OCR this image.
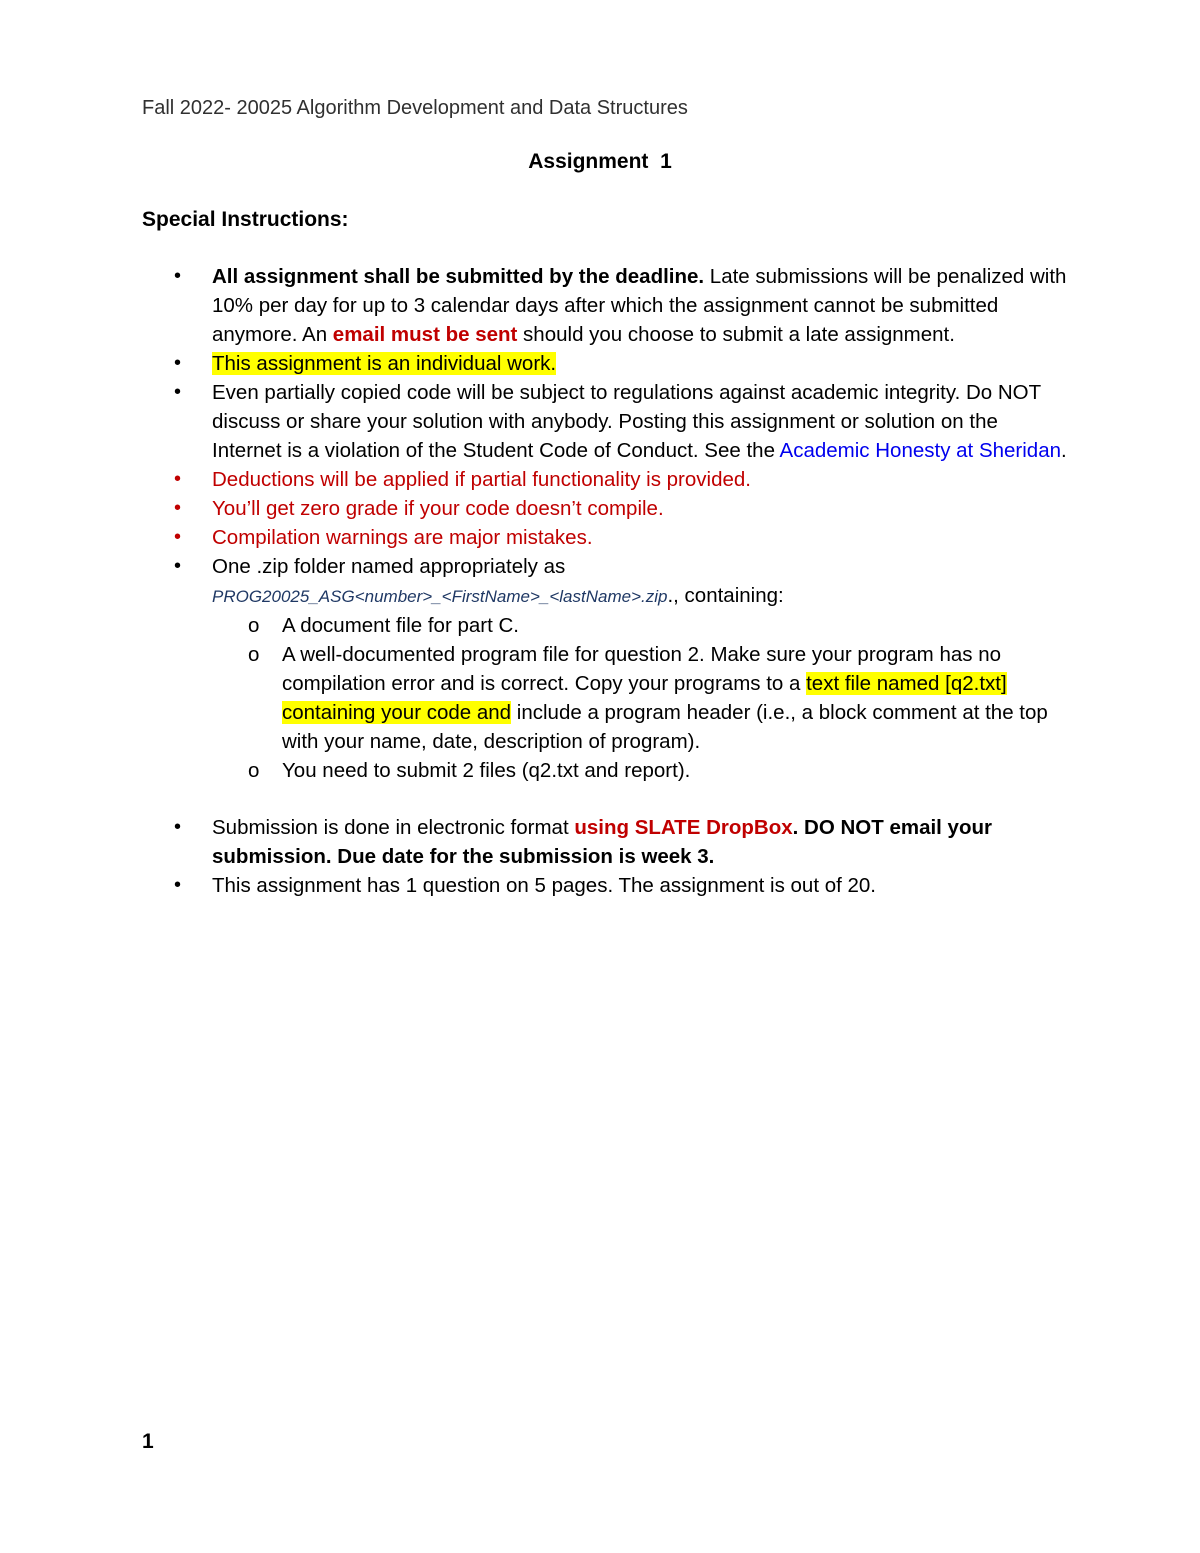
Fall 2022- 20025 Algorithm Development and Data Structures
Assignment  1
Special Instructions:
• All assignment shall be submitted by the deadline. Late submissions will be penalized with 10% per day for up to 3 calendar days after which the assignment cannot be submitted anymore. An email must be sent should you choose to submit a late assignment.
• This assignment is an individual work.
• Even partially copied code will be subject to regulations against academic integrity. Do NOT discuss or share your solution with anybody. Posting this assignment or solution on the Internet is a violation of the Student Code of Conduct. See the Academic Honesty at Sheridan.
• Deductions will be applied if partial functionality is provided.
• You’ll get zero grade if your code doesn’t compile.
• Compilation warnings are major mistakes.
• One .zip folder named appropriately as
PROG20025_ASG<number>_<FirstName>_<lastName>.zip., containing:
o A document file for part C.
o A well-documented program file for question 2. Make sure your program has no compilation error and is correct. Copy your programs to a text file named [q2.txt] containing your code and include a program header (i.e., a block comment at the top with your name, date, description of program).
o You need to submit 2 files (q2.txt and report).
• Submission is done in electronic format using SLATE DropBox. DO NOT email your submission. Due date for the submission is week 3.
• This assignment has 1 question on 5 pages. The assignment is out of 20.
1
